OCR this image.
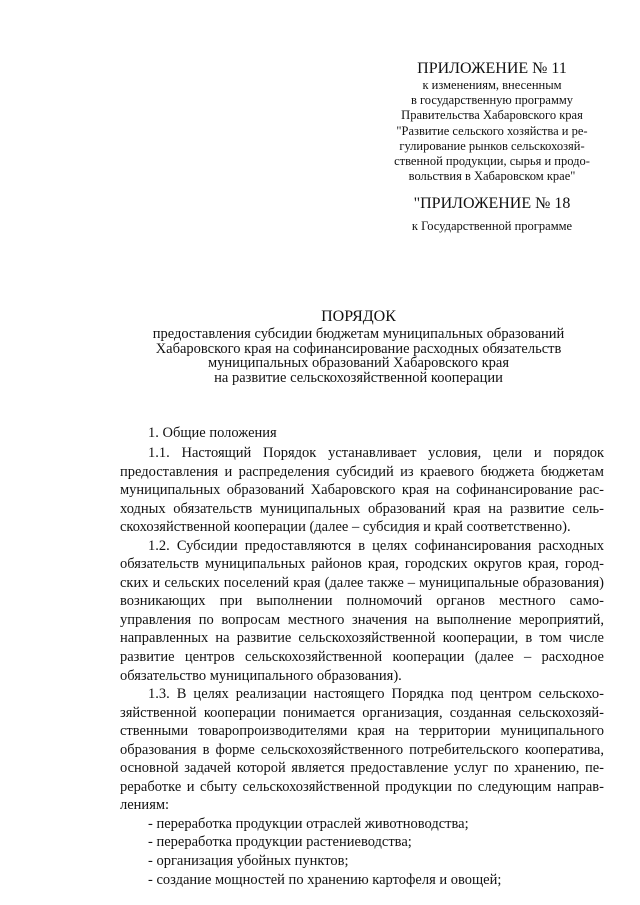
ПРИЛОЖЕНИЕ № 11

к изменениям, внесенным

в государственную программу

Правительства Хабаровского края

"Развитие сельского хозяйства и ре-

гулирование рынков сельскохозяй-

ственной продукции, сырья и продо-

вольствия в Хабаровском крае"

"ПРИЛОЖЕНИЕ № 18

к Государственной программе

ПОРЯДОК

предоставления субсидии бюджетам муниципальных образований
Хабаровского края на софинансирование расходных обязательств
муниципальных образований Хабаровского края
на развитие сельскохозяйственной кооперации

1. Общие положения

1.1. Настоящий Порядок устанавливает условия, цели и порядок предоставления и распределения субсидий из краевого бюджета бюджетам муниципальных образований Хабаровского края на софинансирование расходных обязательств муниципальных образований края на развитие сельскохозяйственной кооперации (далее – субсидия и край соответственно).

1.2. Субсидии предоставляются в целях софинансирования расходных обязательств муниципальных районов края, городских округов края, городских и сельских поселений края (далее также – муниципальные образования) возникающих при выполнении полномочий органов местного самоуправления по вопросам местного значения на выполнение мероприятий, направленных на развитие сельскохозяйственной кооперации, в том числе развитие центров сельскохозяйственной кооперации (далее – расходное обязательство муниципального образования).

1.3. В целях реализации настоящего Порядка под центром сельскохозяйственной кооперации понимается организация, созданная сельскохозяйственными товаропроизводителями края на территории муниципального образования в форме сельскохозяйственного потребительского кооператива, основной задачей которой является предоставление услуг по хранению, переработке и сбыту сельскохозяйственной продукции по следующим направлениям:

- переработка продукции отраслей животноводства;
- переработка продукции растениеводства;
- организация убойных пунктов;
- создание мощностей по хранению картофеля и овощей;
